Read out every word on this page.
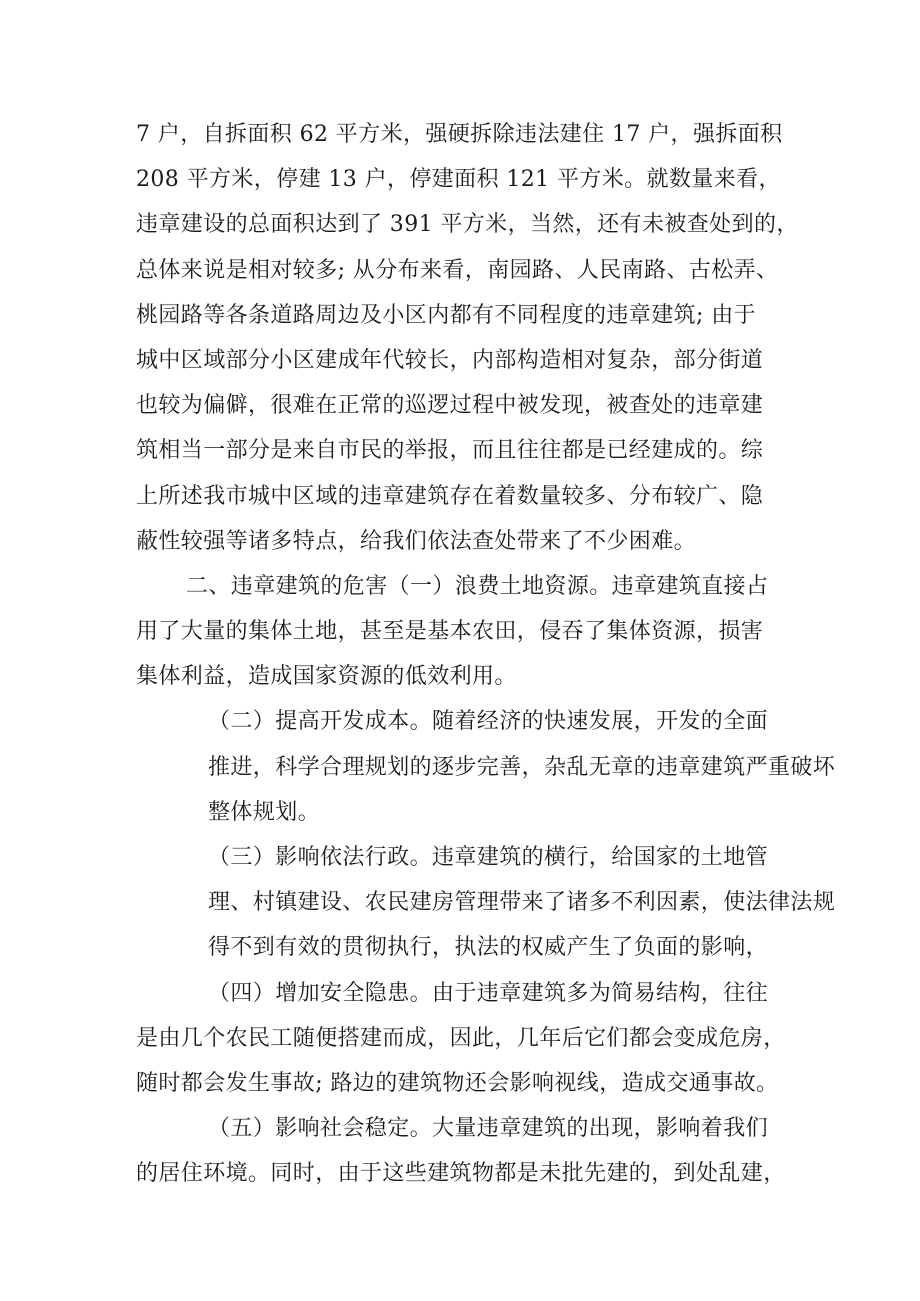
7 户，自拆面积 62 平方米，强硬拆除违法建住 17 户，强拆面积
208 平方米，停建 13 户，停建面积 121 平方米。就数量来看，
违章建设的总面积达到了 391 平方米，当然，还有未被查处到的，
总体来说是相对较多; 从分布来看，南园路、人民南路、古松弄、
桃园路等各条道路周边及小区内都有不同程度的违章建筑; 由于
城中区域部分小区建成年代较长，内部构造相对复杂，部分街道
也较为偏僻，很难在正常的巡逻过程中被发现，被查处的违章建
筑相当一部分是来自市民的举报，而且往往都是已经建成的。综
上所述我市城中区域的违章建筑存在着数量较多、分布较广、隐
蔽性较强等诸多特点，给我们依法查处带来了不少困难。
二、违章建筑的危害（一）浪费土地资源。违章建筑直接占
用了大量的集体土地，甚至是基本农田，侵吞了集体资源，损害
集体利益，造成国家资源的低效利用。
（二）提高开发成本。随着经济的快速发展，开发的全面
推进，科学合理规划的逐步完善，杂乱无章的违章建筑严重破坏
整体规划。
（三）影响依法行政。违章建筑的横行，给国家的土地管
理、村镇建设、农民建房管理带来了诸多不利因素，使法律法规
得不到有效的贯彻执行，执法的权威产生了负面的影响，
（四）增加安全隐患。由于违章建筑多为简易结构，往往
是由几个农民工随便搭建而成，因此，几年后它们都会变成危房，
随时都会发生事故; 路边的建筑物还会影响视线，造成交通事故。
（五）影响社会稳定。大量违章建筑的出现，影响着我们
的居住环境。同时，由于这些建筑物都是未批先建的，到处乱建，
